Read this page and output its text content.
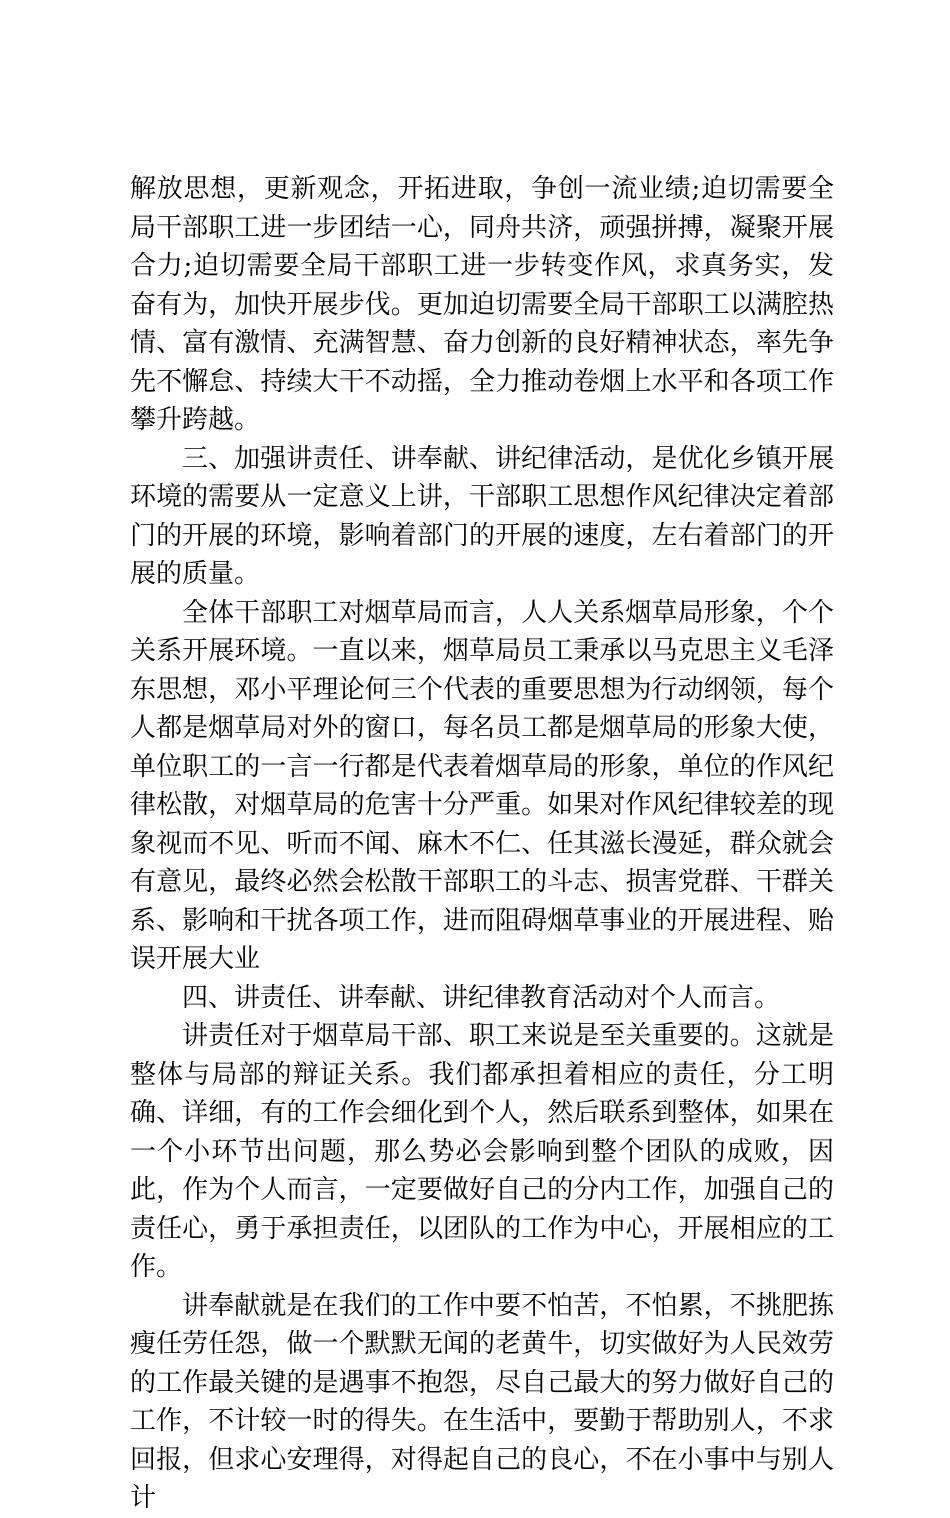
解放思想，更新观念，开拓进取，争创一流业绩;迫切需要全局干部职工进一步团结一心，同舟共济，顽强拼搏，凝聚开展合力;迫切需要全局干部职工进一步转变作风，求真务实，发奋有为，加快开展步伐。更加迫切需要全局干部职工以满腔热情、富有激情、充满智慧、奋力创新的良好精神状态，率先争先不懈怠、持续大干不动摇，全力推动卷烟上水平和各项工作攀升跨越。

三、加强讲责任、讲奉献、讲纪律活动，是优化乡镇开展环境的需要从一定意义上讲，干部职工思想作风纪律决定着部门的开展的环境，影响着部门的开展的速度，左右着部门的开展的质量。

全体干部职工对烟草局而言，人人关系烟草局形象，个个关系开展环境。一直以来，烟草局员工秉承以马克思主义毛泽东思想，邓小平理论何三个代表的重要思想为行动纲领，每个人都是烟草局对外的窗口，每名员工都是烟草局的形象大使，单位职工的一言一行都是代表着烟草局的形象，单位的作风纪律松散，对烟草局的危害十分严重。如果对作风纪律较差的现象视而不见、听而不闻、麻木不仁、任其滋长漫延，群众就会有意见，最终必然会松散干部职工的斗志、损害党群、干群关系、影响和干扰各项工作，进而阻碍烟草事业的开展进程、贻误开展大业

四、讲责任、讲奉献、讲纪律教育活动对个人而言。

讲责任对于烟草局干部、职工来说是至关重要的。这就是整体与局部的辩证关系。我们都承担着相应的责任，分工明确、详细，有的工作会细化到个人，然后联系到整体，如果在一个小环节出问题，那么势必会影响到整个团队的成败，因此，作为个人而言，一定要做好自己的分内工作，加强自己的责任心，勇于承担责任，以团队的工作为中心，开展相应的工作。

讲奉献就是在我们的工作中要不怕苦，不怕累，不挑肥拣瘦任劳任怨，做一个默默无闻的老黄牛，切实做好为人民效劳的工作最关键的是遇事不抱怨，尽自己最大的努力做好自己的工作，不计较一时的得失。在生活中，要勤于帮助别人，不求回报，但求心安理得，对得起自己的良心，不在小事中与别人计
